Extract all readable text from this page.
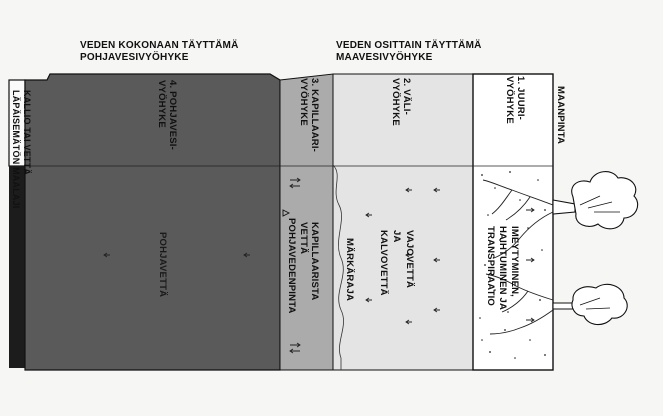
VEDEN KOKONAAN TÄYTTÄMÄ
POHJAVESIVYÖHYKE
VEDEN OSITTAIN TÄYTTÄMÄ
MAAVESIVYÖHYKE
MAANPINTA
1. JUURI-
VYÖHYKE
2. VÄLI-
VYÖHYKE
3. KAPILLAARI-
VYÖHYKE
4. POHJAVESI-
VYÖHYKE
KALLIO TAI VETTÄ
LÄPÄISEMÄTÖN MAALAJI
POHJAVETTÄ	KAPILLAARISTA
VETTÄ
POHJAVEDENPINTA	MÄRKÄRAJA	VAJOVETTÄ
JA
KALVOVETTÄ	IMEYTYMINEN,
HAIHTUMINEN JA
TRANSPIRAATIO
